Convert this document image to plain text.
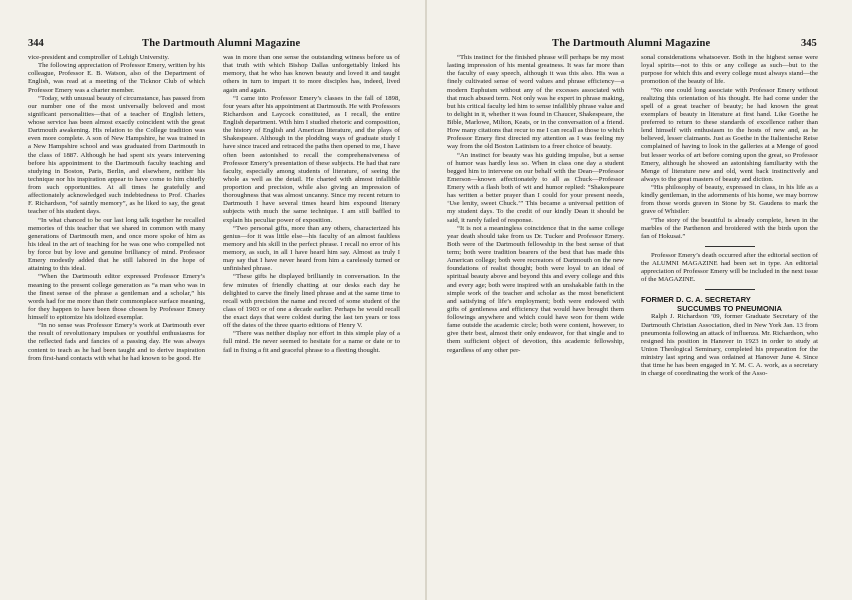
344	The Dartmouth Alumni Magazine

vice-president and comptroller of Lehigh University.

The following appreciation of Professor Emery, written by his colleague, Professor E. B. Watson, also of the Department of English, was read at a meeting of the Ticknor Club of which Professor Emery was a charter member.

“Today, with unusual beauty of circumstance, has passed from our number one of the most universally beloved and most significant personalities—that of a teacher of English letters, whose service has been almost exactly coincident with the great Dartmouth awakening. His relation to the College tradition was even more complete. A son of New Hampshire, he was trained in a New Hampshire school and was graduated from Dartmouth in the class of 1887. Although he had spent six years intervening before his appointment to the Dartmouth faculty teaching and studying in Boston, Paris, Berlin, and elsewhere, neither his technique nor his inspiration appear to have come to him chiefly from such opportunities. At all times he gratefully and affectionately acknowledged such indebtedness to Prof. Charles F. Richardson, “of saintly memory”, as he liked to say, the great teacher of his student days.

“In what chanced to be our last long talk together he recalled memories of this teacher that we shared in common with many generations of Dartmouth men, and once more spoke of him as his ideal in the art of teaching for he was one who compelled not by force but by love and genuine brilliancy of mind. Professor Emery modestly added that he still labored in the hope of attaining to this ideal.

“When the Dartmouth editor expressed Professor Emery’s meaning to the present college generation as “a man who was in the finest sense of the phrase a gentleman and a scholar,” his words had for me more than their commonplace surface meaning, for they happen to have been those chosen by Professor Emery himself to epitomize his idolized exemplar.

“In no sense was Professor Emery’s work at Dartmouth ever the result of revolutionary impulses or youthful enthusiasms for the reflected fads and fancies of a passing day. He was always content to teach as he had been taught and to derive inspiration from first-hand contacts with what he had known to be good. He

was in more than one sense the outstanding witness before us of that truth with which Bishop Dallas unforgettably linked his memory, that he who has known beauty and loved it and taught others in turn to impart it to more disciples has, indeed, lived again and again.

“I came into Professor Emery’s classes in the fall of 1898, four years after his appointment at Dartmouth. He with Professors Richardson and Laycock constituted, as I recall, the entire English department. With him I studied rhetoric and composition, the history of English and American literature, and the plays of Shakespeare. Although in the plodding ways of graduate study I have since traced and retraced the paths then opened to me, I have often been astonished to recall the comprehensiveness of Professor Emery’s presentation of these subjects. He had that rare faculty, especially among students of literature, of seeing the whole as well as the detail. He charted with almost infallible proportion and precision, while also giving an impression of thoroughness that was almost uncanny. Since my recent return to Dartmouth I have several times heard him expound literary subjects with much the same technique. I am still baffled to explain his peculiar power of exposition.

“Two personal gifts, more than any others, characterized his genius—for it was little else—his faculty of an almost faultless memory and his skill in the perfect phrase. I recall no error of his memory, as such, in all I have heard him say. Almost as truly I may say that I have never heard from him a carelessly turned or unfinished phrase.

“These gifts he displayed brilliantly in conversation. In the few minutes of friendly chatting at our desks each day he delighted to carve the finely lined phrase and at the same time to recall with precision the name and record of some student of the class of 1903 or of one a decade earlier. Perhaps he would recall the exact days that were coldest during the last ten years or toss off the dates of the three quarto editions of Henry V.

“There was neither display nor effort in this simple play of a full mind. He never seemed to hesitate for a name or date or to fail in fixing a fit and graceful phrase to a fleeting thought.

The Dartmouth Alumni Magazine	345

“This instinct for the finished phrase will perhaps be my most lasting impression of his mental greatness. It was far more than the faculty of easy speech, although it was this also. His was a finely cultivated sense of word values and phrase efficiency—a modern Euphuism without any of the excesses associated with that much abused term. Not only was he expert in phrase making, but his critical faculty led him to sense infallibly phrase value and to delight in it, whether it was found in Chaucer, Shakespeare, the Bible, Marlowe, Milton, Keats, or in the conversation of a friend. How many citations that recur to me I can recall as those to which Professor Emery first directed my attention as I was feeling my way from the old Boston Latinism to a freer choice of beauty.

“An instinct for beauty was his guiding impulse, but a sense of humor was hardly less so. When in class one day a student begged him to intervene on our behalf with the Dean—Professor Emerson—known affectionately to all as Chuck—Professor Emery with a flash both of wit and humor replied: “Shakespeare has written a better prayer than I could for your present needs, ‘Use lenity, sweet Chuck.’” This became a universal petition of my student days. To the credit of our kindly Dean it should be said, it rarely failed of response.

“It is not a meaningless coincidence that in the same college year death should take from us Dr. Tucker and Professor Emery. Both were of the Dartmouth fellowship in the best sense of that term; both were tradition bearers of the best that has made this American college; both were recreators of Dartmouth on the new foundations of realist thought; both were loyal to an ideal of spiritual beauty above and beyond this and every college and this and every age; both were inspired with an unshakable faith in the simple work of the teacher and scholar as the most beneficient and satisfying of life’s employment; both were endowed with gifts of gentleness and efficiency that would have brought them followings anywhere and which could have won for them wide fame outside the academic circle; both were content, however, to give their best, almost their only endeavor, for that single and to them sufficient object of devotion, this academic fellowship, regardless of any other per-

sonal considerations whatsoever. Both in the highest sense were loyal spirits—not to this or any college as such—but to the purpose for which this and every college must always stand—the promotion of the beauty of life.

“No one could long associate with Professor Emery without realizing this orientation of his thought. He had come under the spell of a great teacher of beauty; he had known the great exemplars of beauty in literature at first hand. Like Goethe he preferred to return to these standards of excellence rather than lend himself with enthusiasm to the hosts of new and, as he believed, lesser claimants. Just as Goethe in the Italienische Reise complained of having to look in the galleries at a Menge of good but lesser works of art before coming upon the great, so Professor Emery, although he showed an astonishing familiarity with the Menge of literature new and old, went back instinctively and always to the great masters of beauty and diction.

“His philosophy of beauty, expressed in class, in his life as a kindly gentleman, in the adornments of his home, we may borrow from those words graven in Stone by St. Gaudens to mark the grave of Whistler:

“The story of the beautiful is already complete, hewn in the marbles of the Parthenon and broidered with the birds upon the fan of Hokusai.”

Professor Emery’s death occurred after the editorial section of the ALUMNI MAGAZINE had been set in type. An editorial appreciation of Professor Emery will be included in the next issue of the MAGAZINE.

FORMER D. C. A. SECRETARY
SUCCUMBS TO PNEUMONIA

Ralph J. Richardson ’09, former Graduate Secretary of the Dartmouth Christian Association, died in New York Jan. 13 from pneumonia following an attack of influenza. Mr. Richardson, who resigned his position in Hanover in 1923 in order to study at Union Theological Seminary, completed his preparation for the ministry last spring and was ordained at Hanover June 4. Since that time he has been engaged in Y. M. C. A. work, as a secretary in charge of coordinating the work of the Asso-
